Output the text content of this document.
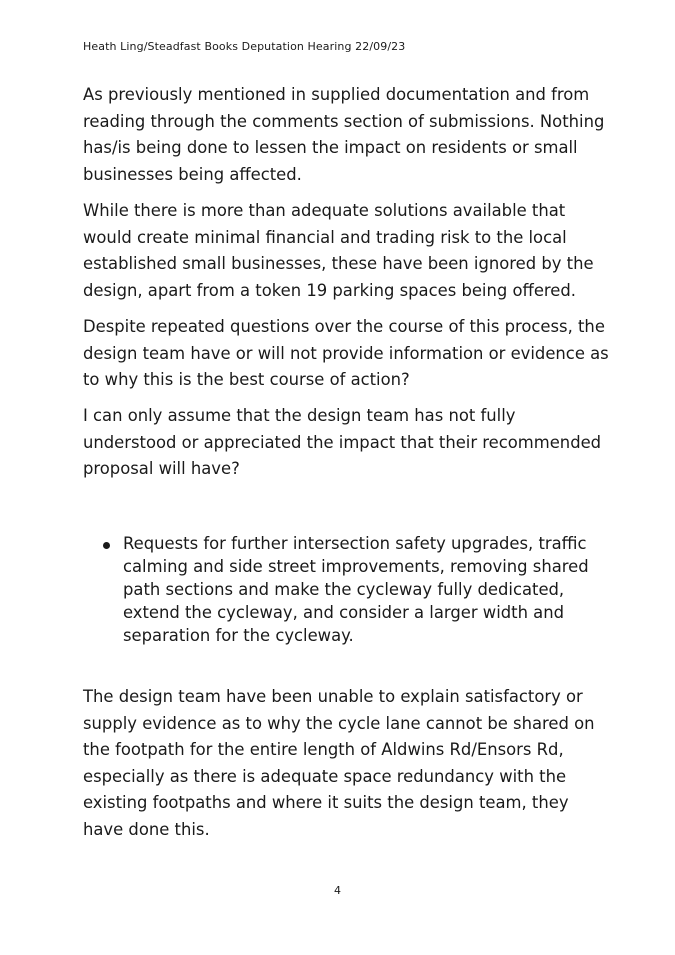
Heath Ling/Steadfast Books Deputation Hearing 22/09/23

As previously mentioned in supplied documentation and from reading through the comments section of submissions. Nothing has/is being done to lessen the impact on residents or small businesses being affected.

While there is more than adequate solutions available that would create minimal financial and trading risk to the local established small businesses, these have been ignored by the design, apart from a token 19 parking spaces being offered.

Despite repeated questions over the course of this process, the design team have or will not provide information or evidence as to why this is the best course of action?

I can only assume that the design team has not fully understood or appreciated the impact that their recommended proposal will have?

Requests for further intersection safety upgrades, traffic calming and side street improvements, removing shared path sections and make the cycleway fully dedicated, extend the cycleway, and consider a larger width and separation for the cycleway.

The design team have been unable to explain satisfactory or supply evidence as to why the cycle lane cannot be shared on the footpath for the entire length of Aldwins Rd/Ensors Rd, especially as there is adequate space redundancy with the existing footpaths and where it suits the design team, they have done this.

4
